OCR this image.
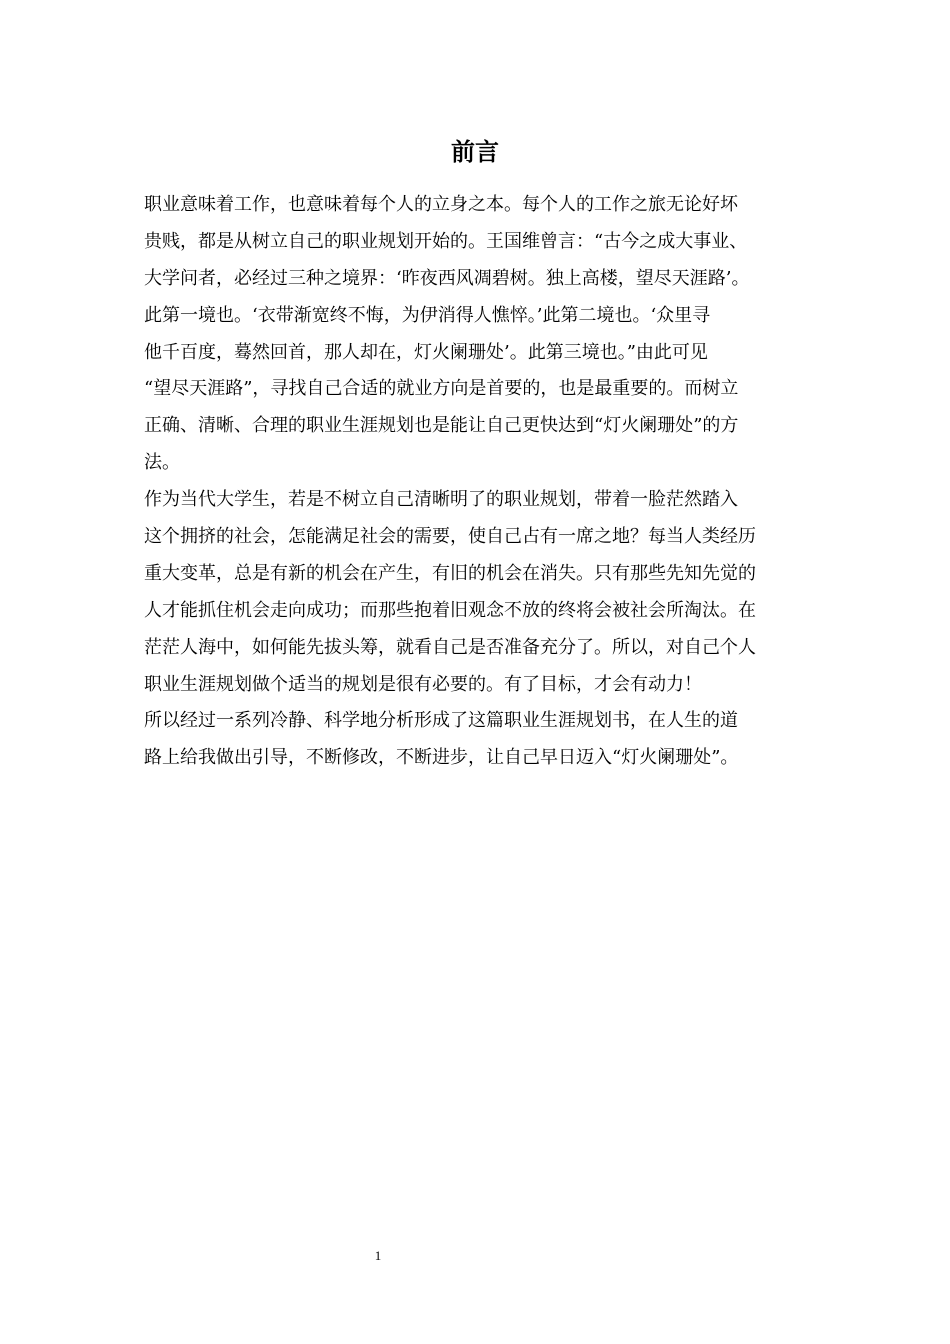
前言
职业意味着工作，也意味着每个人的立身之本。每个人的工作之旅无论好坏
贵贱，都是从树立自己的职业规划开始的。王国维曾言：“古今之成大事业、
大学问者，必经过三种之境界：‘昨夜西风凋碧树。独上高楼，望尽天涯路’。
此第一境也。‘衣带渐宽终不悔，为伊消得人憔悴。’此第二境也。‘众里寻
他千百度，蓦然回首，那人却在，灯火阑珊处’。此第三境也。”由此可见
“望尽天涯路”，寻找自己合适的就业方向是首要的，也是最重要的。而树立
正确、清晰、合理的职业生涯规划也是能让自己更快达到“灯火阑珊处”的方
法。
作为当代大学生，若是不树立自己清晰明了的职业规划，带着一脸茫然踏入
这个拥挤的社会，怎能满足社会的需要，使自己占有一席之地？每当人类经历
重大变革，总是有新的机会在产生，有旧的机会在消失。只有那些先知先觉的
人才能抓住机会走向成功；而那些抱着旧观念不放的终将会被社会所淘汰。在
茫茫人海中，如何能先拔头筹，就看自己是否准备充分了。所以，对自己个人
职业生涯规划做个适当的规划是很有必要的。有了目标，才会有动力！
所以经过一系列冷静、科学地分析形成了这篇职业生涯规划书，在人生的道
路上给我做出引导，不断修改，不断进步，让自己早日迈入“灯火阑珊处”。
1
